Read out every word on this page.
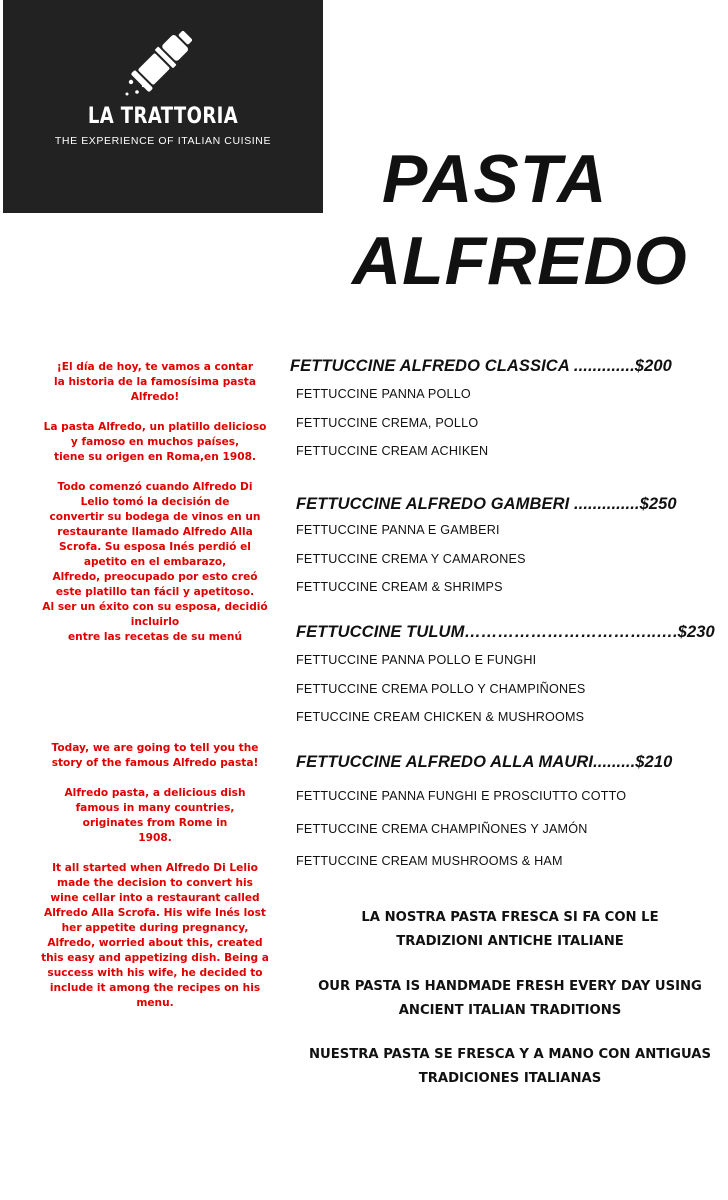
LA TRATTORIA
THE EXPERIENCE OF ITALIAN CUISINE	PASTA
ALFREDO

¡El día de hoy, te vamos a contar
la historia de la famosísima pasta
Alfredo!

La pasta Alfredo, un platillo delicioso
y famoso en muchos países,
tiene su origen en Roma,en 1908.

Todo comenzó cuando Alfredo Di
Lelio tomó la decisión de
convertir su bodega de vinos en un
restaurante llamado Alfredo Alla
Scrofa. Su esposa Inés perdió el
apetito en el embarazo,
Alfredo, preocupado por esto creó
este platillo tan fácil y apetitoso.
Al ser un éxito con su esposa, decidió
incluirlo
entre las recetas de su menú

Today, we are going to tell you the
story of the famous Alfredo pasta!

Alfredo pasta, a delicious dish
famous in many countries,
originates from Rome in
1908.

It all started when Alfredo Di Lelio
made the decision to convert his
wine cellar into a restaurant called
Alfredo Alla Scrofa. His wife Inés lost
her appetite during pregnancy,
Alfredo, worried about this, created
this easy and appetizing dish. Being a
success with his wife, he decided to
include it among the recipes on his
menu.

FETTUCCINE ALFREDO CLASSICA .............$200
FETTUCCINE PANNA POLLO
FETTUCCINE CREMA, POLLO
FETTUCCINE CREAM ACHIKEN
FETTUCCINE ALFREDO GAMBERI ..............$250
FETTUCCINE PANNA E GAMBERI
FETTUCCINE CREMA Y CAMARONES
FETTUCCINE CREAM & SHRIMPS
FETTUCCINE TULUM……………………………..….$230
FETTUCCINE PANNA POLLO E FUNGHI
FETTUCCINE CREMA POLLO Y CHAMPIÑONES
FETUCCINE CREAM CHICKEN & MUSHROOMS
FETTUCCINE ALFREDO ALLA MAURI.........$210
FETTUCCINE PANNA FUNGHI E PROSCIUTTO COTTO
FETTUCCINE CREMA CHAMPIÑONES Y JAMÓN
FETTUCCINE CREAM MUSHROOMS & HAM

LA NOSTRA PASTA FRESCA SI FA CON LE
TRADIZIONI ANTICHE ITALIANE

OUR PASTA IS HANDMADE FRESH EVERY DAY USING
ANCIENT ITALIAN TRADITIONS

NUESTRA PASTA SE FRESCA Y A MANO CON ANTIGUAS
TRADICIONES ITALIANAS
